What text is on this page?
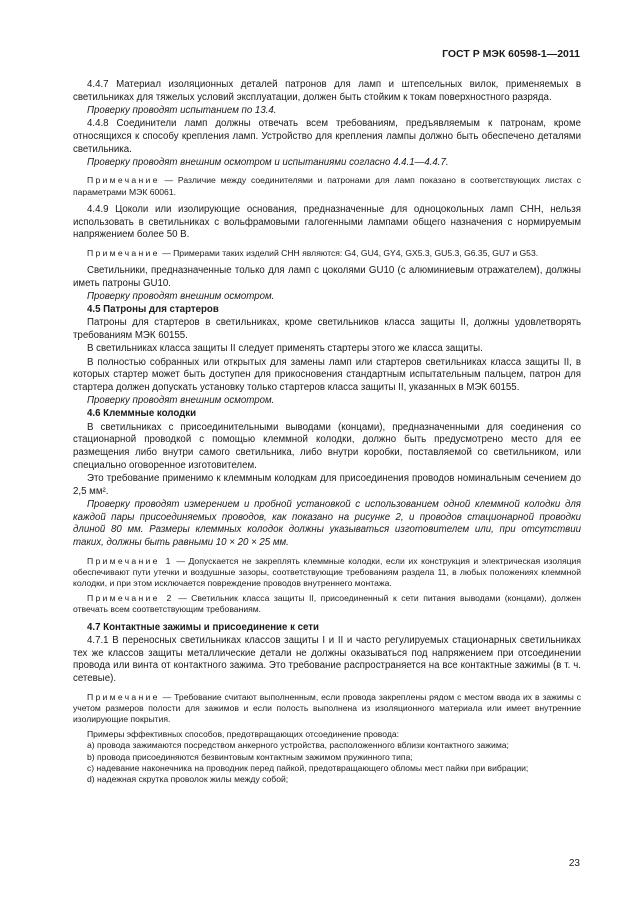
ГОСТ Р МЭК 60598-1—2011

4.4.7 Материал изоляционных деталей патронов для ламп и штепсельных вилок, применяемых в светильниках для тяжелых условий эксплуатации, должен быть стойким к токам поверхностного разряда.

Проверку проводят испытанием по 13.4.

4.4.8 Соединители ламп должны отвечать всем требованиям, предъявляемым к патронам, кроме относящихся к способу крепления ламп. Устройство для крепления лампы должно быть обеспечено деталями светильника.

Проверку проводят внешним осмотром и испытаниями согласно 4.4.1—4.4.7.

Примечание — Различие между соединителями и патронами для ламп показано в соответствующих листах с параметрами МЭК 60061.

4.4.9 Цоколи или изолирующие основания, предназначенные для одноцокольных ламп СНН, нельзя использовать в светильниках с вольфрамовыми галогенными лампами общего назначения с нормируемым напряжением более 50 В.

Примечание — Примерами таких изделий СНН являются: G4, GU4, GY4, GX5.3, GU5.3, G6.35, GU7 и G53.

Светильники, предназначенные только для ламп с цоколями GU10 (с алюминиевым отражателем), должны иметь патроны GU10.

Проверку проводят внешним осмотром.

4.5 Патроны для стартеров

Патроны для стартеров в светильниках, кроме светильников класса защиты II, должны удовлетворять требованиям МЭК 60155.

В светильниках класса защиты II следует применять стартеры этого же класса защиты.

В полностью собранных или открытых для замены ламп или стартеров светильниках класса защиты II, в которых стартер может быть доступен для прикосновения стандартным испытательным пальцем, патрон для стартера должен допускать установку только стартеров класса защиты II, указанных в МЭК 60155.

Проверку проводят внешним осмотром.

4.6 Клеммные колодки

В светильниках с присоединительными выводами (концами), предназначенными для соединения со стационарной проводкой с помощью клеммной колодки, должно быть предусмотрено место для ее размещения либо внутри самого светильника, либо внутри коробки, поставляемой со светильником, или специально оговоренное изготовителем.

Это требование применимо к клеммным колодкам для присоединения проводов номинальным сечением до 2,5 мм².

Проверку проводят измерением и пробной установкой с использованием одной клеммной колодки для каждой пары присоединяемых проводов, как показано на рисунке 2, и проводов стационарной проводки длиной 80 мм. Размеры клеммных колодок должны указываться изготовителем или, при отсутствии таких, должны быть равными 10 × 20 × 25 мм.

Примечание 1 — Допускается не закреплять клеммные колодки, если их конструкция и электрическая изоляция обеспечивают пути утечки и воздушные зазоры, соответствующие требованиям раздела 11, в любых положениях клеммной колодки, и при этом исключается повреждение проводов внутреннего монтажа.

Примечание 2 — Светильник класса защиты II, присоединенный к сети питания выводами (концами), должен отвечать всем соответствующим требованиям.

4.7 Контактные зажимы и присоединение к сети

4.7.1 В переносных светильниках классов защиты I и II и часто регулируемых стационарных светильниках тех же классов защиты металлические детали не должны оказываться под напряжением при отсоединении провода или винта от контактного зажима. Это требование распространяется на все контактные зажимы (в т. ч. сетевые).

Примечание — Требование считают выполненным, если провода закреплены рядом с местом ввода их в зажимы с учетом размеров полости для зажимов и если полость выполнена из изоляционного материала или имеет внутренние изолирующие покрытия.

Примеры эффективных способов, предотвращающих отсоединение провода:

a) провода зажимаются посредством анкерного устройства, расположенного вблизи контактного зажима;

b) провода присоединяются безвинтовым контактным зажимом пружинного типа;

c) надевание наконечника на проводник перед пайкой, предотвращающего обломы мест пайки при вибрации;

d) надежная скрутка проволок жилы между собой;

23
